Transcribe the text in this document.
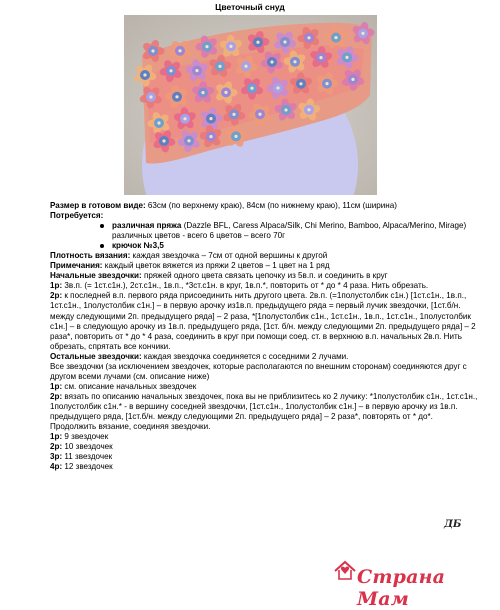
Цветочный снуд

Размер в готовом виде: 63см (по верхнему краю), 84см (по нижнему краю), 11см (ширина)

Потребуется:

различная пряжа (Dazzle BFL, Caress Alpaca/Silk, Chi Merino, Bamboo, Alpaca/Merino, Mirage) различных цветов - всего 6 цветов – всего 70г
крючок №3,5

Плотность вязания: каждая звездочка – 7см от одной вершины к другой

Примечания: каждый цветок вяжется из пряжи 2 цветов – 1 цвет на 1 ряд

Начальные звездочки: пряжей одного цвета связать цепочку из 5в.п. и соединить в круг

1р: 3в.п. (= 1ст.с1н.), 2ст.с1н., 1в.п., *3ст.с1н. в круг, 1в.п.*, повторить от * до * 4 раза. Нить обрезать.

2р: к последней в.п. первого ряда присоединить нить другого цвета. 2в.п. (=1полустолбик с1н.) [1ст.с1н., 1в.п., 1ст.с1н., 1полустолбик с1н.] – в первую арочку из1в.п. предыдущего ряда = первый лучик звездочки, [1ст.б/н. между следующими 2п. предыдущего ряда] – 2 раза, *[1полустолбик с1н., 1ст.с1н., 1в.п., 1ст.с1н., 1полустолбик с1н.] – в следующую арочку из 1в.п. предыдущего ряда, [1ст. б/н. между следующими 2п. предыдущего ряда] – 2 раза*, повторить от * до * 4 раза, соединить в круг при помощи соед. ст. в верхнюю в.п. начальных 2в.п. Нить обрезать, спрятать все кончики.

Остальные звездочки: каждая звездочка соединяется с соседними 2 лучами.

Все звездочки (за исключением звездочек, которые располагаются по внешним сторонам) соединяются друг с другом всеми лучами (см. описание ниже)

1р: см. описание начальных звездочек

2р: вязать по описанию начальных звездочек, пока вы не приблизитесь ко 2 лучику: *1полустолбик с1н., 1ст.с1н., 1полустолбик с1н.* - в вершину соседней звездочки, [1ст.с1н., 1полустолбик с1н.] – в первую арочку из 1в.п. предыдущего ряда, [1ст.б/н. между следующими 2п. предыдущего ряда] – 2 раза*, повторять от * до*.

Продолжить вязание, соединяя звездочки.

1р: 9 звездочек

2р: 10 звездочек

3р: 11 звездочек

4р: 12 звездочек

ДБ
Страна Мам
